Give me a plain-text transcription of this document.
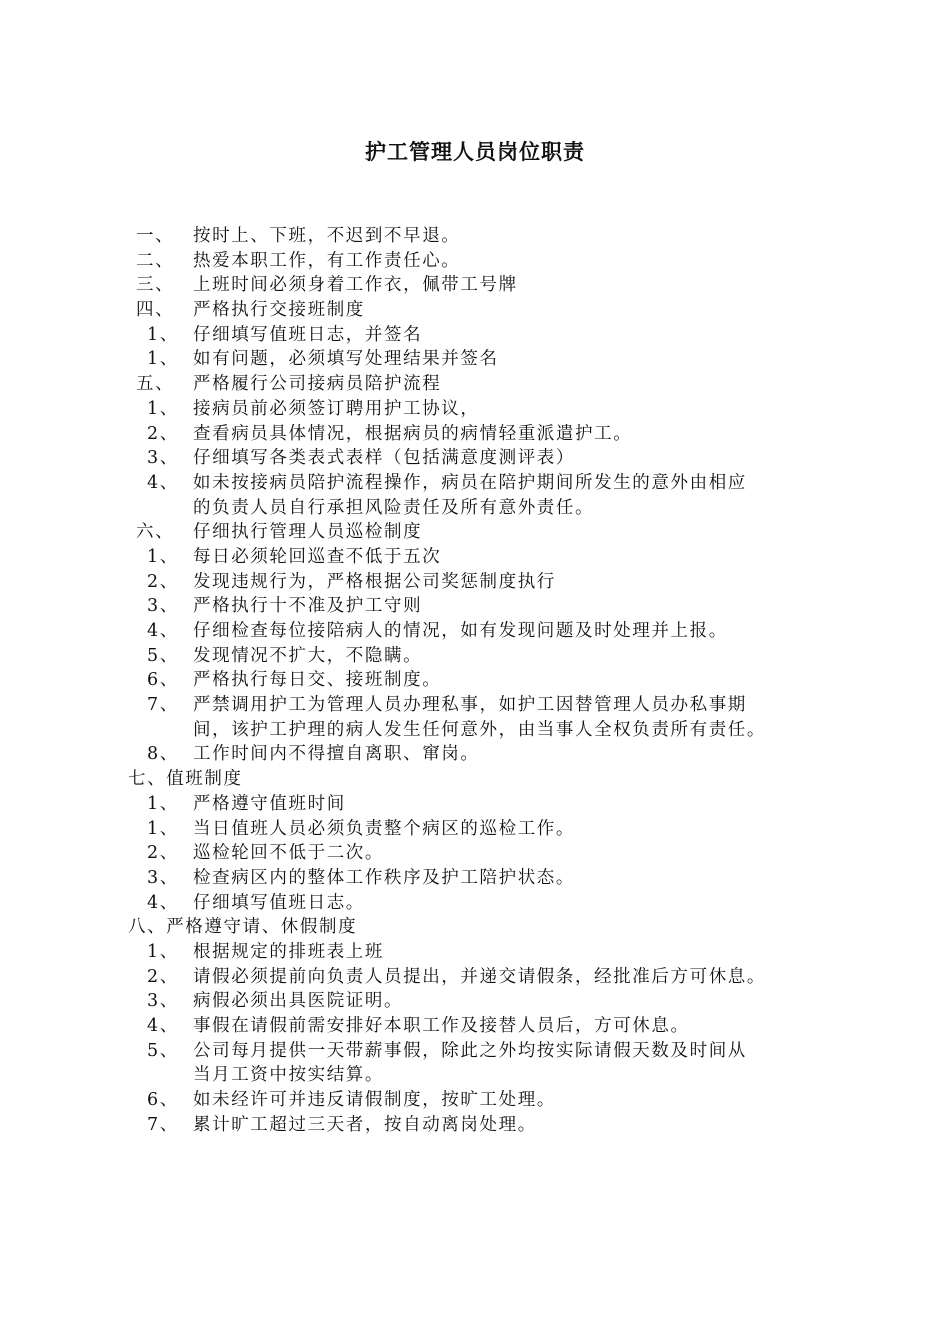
护工管理人员岗位职责
一、 按时上、下班，不迟到不早退。
二、 热爱本职工作，有工作责任心。
三、 上班时间必须身着工作衣，佩带工号牌
四、 严格执行交接班制度
1、 仔细填写值班日志，并签名
1、 如有问题，必须填写处理结果并签名
五、 严格履行公司接病员陪护流程
1、 接病员前必须签订聘用护工协议，
2、 查看病员具体情况，根据病员的病情轻重派遣护工。
3、 仔细填写各类表式表样（包括满意度测评表）
4、 如未按接病员陪护流程操作，病员在陪护期间所发生的意外由相应
的负责人员自行承担风险责任及所有意外责任。
六、 仔细执行管理人员巡检制度
1、 每日必须轮回巡查不低于五次
2、 发现违规行为，严格根据公司奖惩制度执行
3、 严格执行十不准及护工守则
4、 仔细检查每位接陪病人的情况，如有发现问题及时处理并上报。
5、 发现情况不扩大，不隐瞒。
6、 严格执行每日交、接班制度。
7、 严禁调用护工为管理人员办理私事，如护工因替管理人员办私事期
间，该护工护理的病人发生任何意外，由当事人全权负责所有责任。
8、 工作时间内不得擅自离职、窜岗。
七、值班制度
1、 严格遵守值班时间
1、 当日值班人员必须负责整个病区的巡检工作。
2、 巡检轮回不低于二次。
3、 检查病区内的整体工作秩序及护工陪护状态。
4、 仔细填写值班日志。
八、严格遵守请、休假制度
1、 根据规定的排班表上班
2、 请假必须提前向负责人员提出，并递交请假条，经批准后方可休息。
3、 病假必须出具医院证明。
4、 事假在请假前需安排好本职工作及接替人员后，方可休息。
5、 公司每月提供一天带薪事假，除此之外均按实际请假天数及时间从
当月工资中按实结算。
6、 如未经许可并违反请假制度，按旷工处理。
7、 累计旷工超过三天者，按自动离岗处理。
